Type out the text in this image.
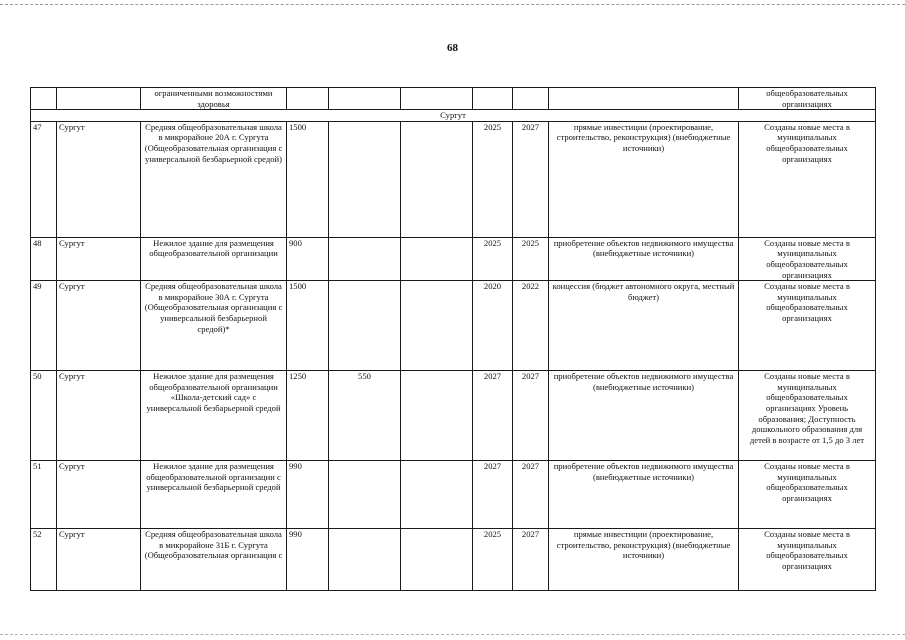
68
		ограниченными возможностями здоровья							общеобразовательных организациях
Сургут									
47	Сургут	Средняя общеобразовательная школа в микрорайоне 20А г. Сургута (Общеобразовательная организация с универсальной безбарьерной средой)	1500			2025	2027	прямые инвестиции (проектирование, строительство, реконструкция) (внебюджетные источники)	Созданы новые места в муниципальных общеобразовательных организациях
48	Сургут	Нежилое здание для размещения общеобразовательной организации	900			2025	2025	приобретение объектов недвижимого имущества (внебюджетные источники)	Созданы новые места в муниципальных общеобразовательных организациях
49	Сургут	Средняя общеобразовательная школа в микрорайоне 30А г. Сургута (Общеобразовательная организация с универсальной безбарьерной средой)*	1500			2020	2022	концессия (бюджет автономного округа, местный бюджет)	Созданы новые места в муниципальных общеобразовательных организациях
50	Сургут	Нежилое здание для размещения общеобразовательной организации «Школа-детский сад» с универсальной безбарьерной средой	1250	550		2027	2027	приобретение объектов недвижимого имущества (внебюджетные источники)	Созданы новые места в муниципальных общеобразовательных организациях Уровень образования; Доступность дошкольного образования для детей в возрасте от 1,5 до 3 лет
51	Сургут	Нежилое здание для размещения общеобразовательной организации с универсальной безбарьерной средой	990			2027	2027	приобретение объектов недвижимого имущества (внебюджетные источники)	Созданы новые места в муниципальных общеобразовательных организациях
52	Сургут	Средняя общеобразовательная школа в микрорайоне 31Б г. Сургута (Общеобразовательная организация с	990			2025	2027	прямые инвестиции (проектирование, строительство, реконструкция) (внебюджетные источники)	Созданы новые места в муниципальных общеобразовательных организациях
